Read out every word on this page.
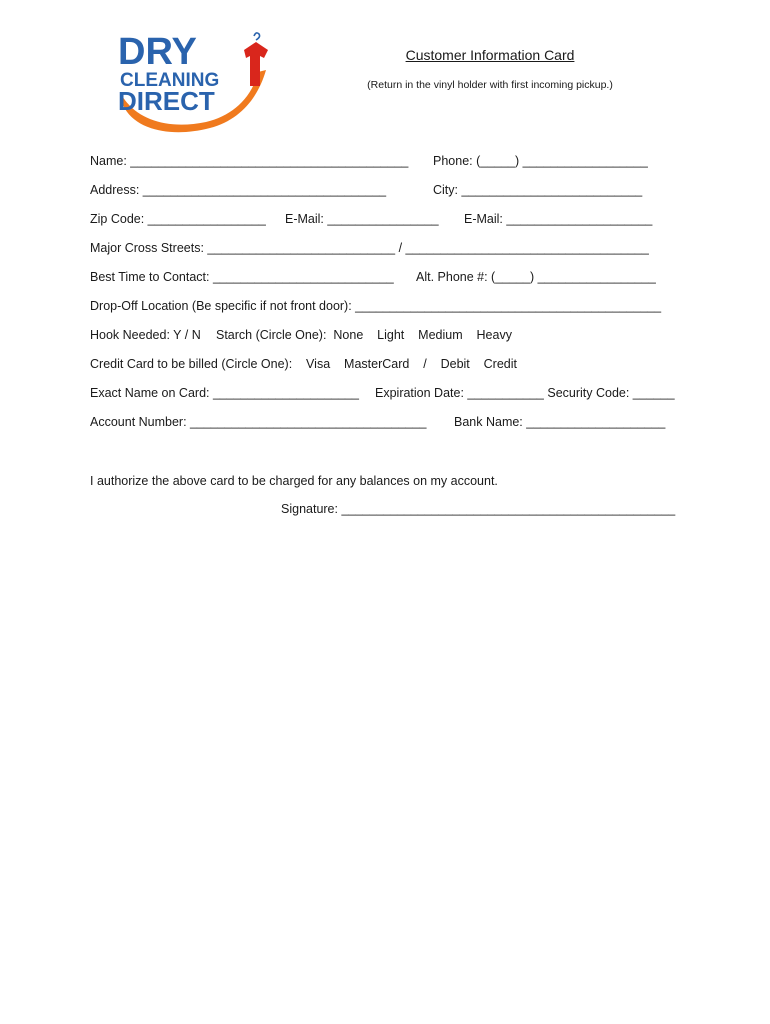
DRY
CLEANING
DIRECT
Customer Information Card
(Return in the vinyl holder with first incoming pickup.)
Name: ________________________________________ Phone: (_____) __________________
Address: ___________________________________	City: __________________________
Zip Code: _________________ E-Mail: ________________ E-Mail: _____________________
Major Cross Streets: ___________________________ / ___________________________________
Best Time to Contact: __________________________ Alt. Phone #: (_____) _________________
Drop-Off Location (Be specific if not front door): ____________________________________________
Hook Needed: Y / N Starch (Circle One):  None    Light    Medium    Heavy
Credit Card to be billed (Circle One):    Visa    MasterCard    /    Debit    Credit
Exact Name on Card: _____________________ Expiration Date: ___________ Security Code: ______
Account Number: __________________________________ Bank Name: ____________________
I authorize the above card to be charged for any balances on my account.
Signature: ________________________________________________
